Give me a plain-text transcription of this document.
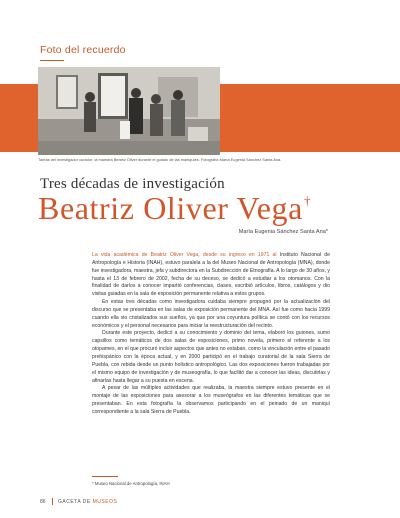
Foto del recuerdo
Tareas del investigador curador: la maestra Beatriz Oliver durante el guiado de las maniquíes. Fotografía María Eugenia Sánchez Santa Ana.
Tres décadas de investigación
Beatriz Oliver Vega†
María Eugenia Sánchez Santa Ana*

La vida académica de Beatriz Oliver Vega, desde su ingreso en 1971 al Instituto Nacional de Antropología e Historia (INAH), estuvo paralela a la del Museo Nacional de Antropología (MNA), donde fue investigadora, maestra, jefa y subdirectora en la Subdirección de Etnografía. A lo largo de 30 años, y hasta el 13 de febrero de 2002, fecha de su deceso, se dedicó a estudiar a los otomanos. Con la finalidad de darlos a conocer impartió conferencias, clases, escribió artículos, libros, catálogos y dio visitas guiadas en la sala de exposición permanente relativa a estos grupos.

En estas tres décadas como investigadora cuidaba siempre propugnó por la actualización del discurso que se presentaba en las salas de exposición permanente del MNA. Así fue como hacia 1999 cuando ella vio cristalizados sus sueños, ya que por una coyuntura política se contó con los recursos económicos y el personal necesarios para iniciar la reestructuración del recinto.

Durante este proyecto, dedicó a su conocimiento y dominio del tema, elaboró los guiones, sumo capsillos como temáticos de dos salas de exposiciones, primo novela, primero el referente a los otopames, en el que procuró incluir aspectos que antes no estaban, como la vinculación entre el pasado prehispánico con la época actual, y en 2000 participó en el trabajo curatorial de la sala Sierra de Puebla, con rebida desde un punto holístico antropológico. Las dos exposiciones fueron trabajadas por el mismo equipo de investigación y de museografía, lo que facilitó dar a conocer las ideas, discutirlas y afinarlas hasta llegar a su puesta en escena.

A pesar de las múltiples actividades que realizaba, la maestra siempre estuvo presente en el montaje de las exposiciones para asesorar a los museógrafos en las diferentes temáticas que se presentaban. En esta fotografía la observamos participando en el peinado de un maniquí correspondiente a la sala Sierra de Puebla.

* Museo Nacional de Antropología, INAH
86 GACETA DE MUSEOS
